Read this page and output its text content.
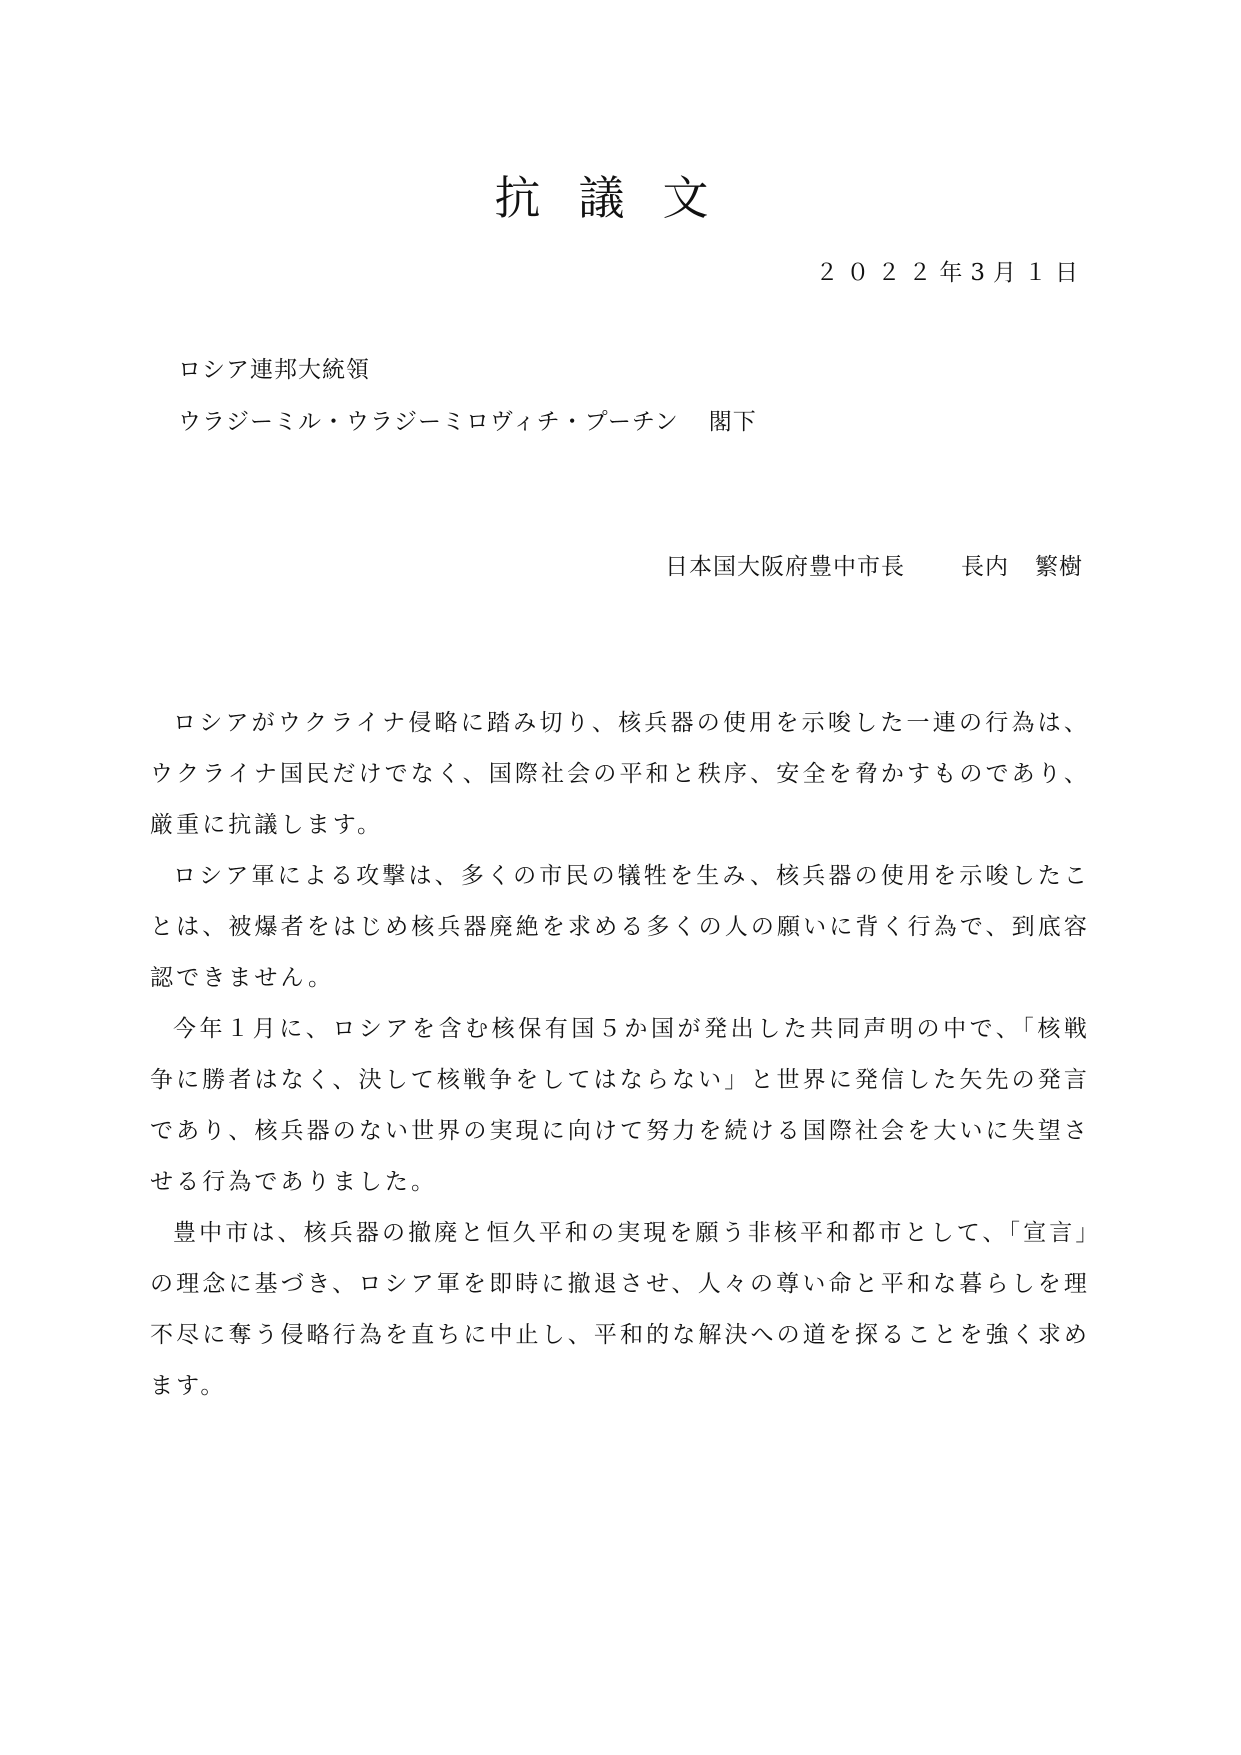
抗議文
２０２２年3月１日
ロシア連邦大統領
ウラジーミル・ウラジーミロヴィチ・プーチン 閣下
日本国大阪府豊中市長 長内 繁樹

ロシアがウクライナ侵略に踏み切り、核兵器の使用を示唆した一連の行為は、ウクライナ国民だけでなく、国際社会の平和と秩序、安全を脅かすものであり、厳重に抗議します。

ロシア軍による攻撃は、多くの市民の犠牲を生み、核兵器の使用を示唆したことは、被爆者をはじめ核兵器廃絶を求める多くの人の願いに背く行為で、到底容認できません。

今年１月に、ロシアを含む核保有国５か国が発出した共同声明の中で、「核戦争に勝者はなく、決して核戦争をしてはならない」と世界に発信した矢先の発言であり、核兵器のない世界の実現に向けて努力を続ける国際社会を大いに失望させる行為でありました。

豊中市は、核兵器の撤廃と恒久平和の実現を願う非核平和都市として、「宣言」の理念に基づき、ロシア軍を即時に撤退させ、人々の尊い命と平和な暮らしを理不尽に奪う侵略行為を直ちに中止し、平和的な解決への道を探ることを強く求めます。
